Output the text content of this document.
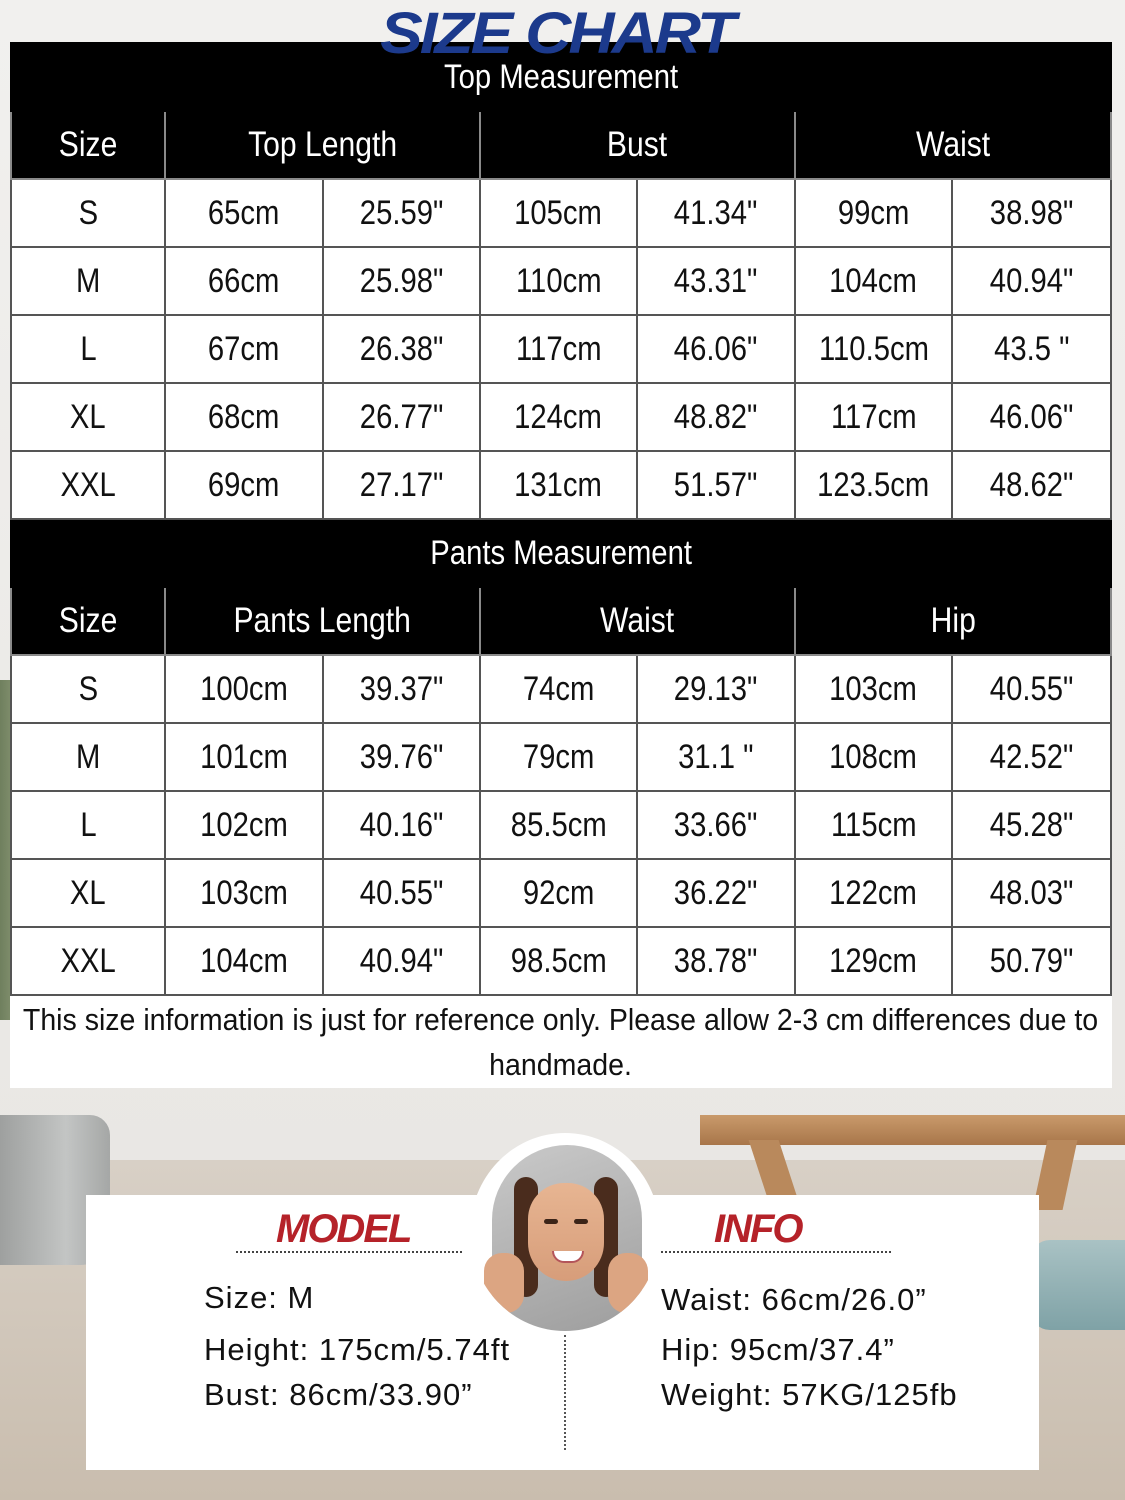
Top Measurement						
Size	Top Length		Bust		Waist	
S	65cm	25.59"	105cm	41.34"	99cm	38.98"
M	66cm	25.98"	110cm	43.31"	104cm	40.94"
L	67cm	26.38"	117cm	46.06"	110.5cm	43.5 "
XL	68cm	26.77"	124cm	48.82"	117cm	46.06"
XXL	69cm	27.17"	131cm	51.57"	123.5cm	48.62"
Pants Measurement						
Size	Pants Length		Waist		Hip	
S	100cm	39.37"	74cm	29.13"	103cm	40.55"
M	101cm	39.76"	79cm	31.1 "	108cm	42.52"
L	102cm	40.16"	85.5cm	33.66"	115cm	45.28"
XL	103cm	40.55"	92cm	36.22"	122cm	48.03"
XXL	104cm	40.94"	98.5cm	38.78"	129cm	50.79"
This size information is just for reference only. Please allow 2-3 cm differences due to handmade.						
SIZE CHART
MODEL	INFO
Size: M
Height: 175cm/5.74ft
Bust: 86cm/33.90”
Waist: 66cm/26.0”
Hip: 95cm/37.4”
Weight: 57KG/125fb
